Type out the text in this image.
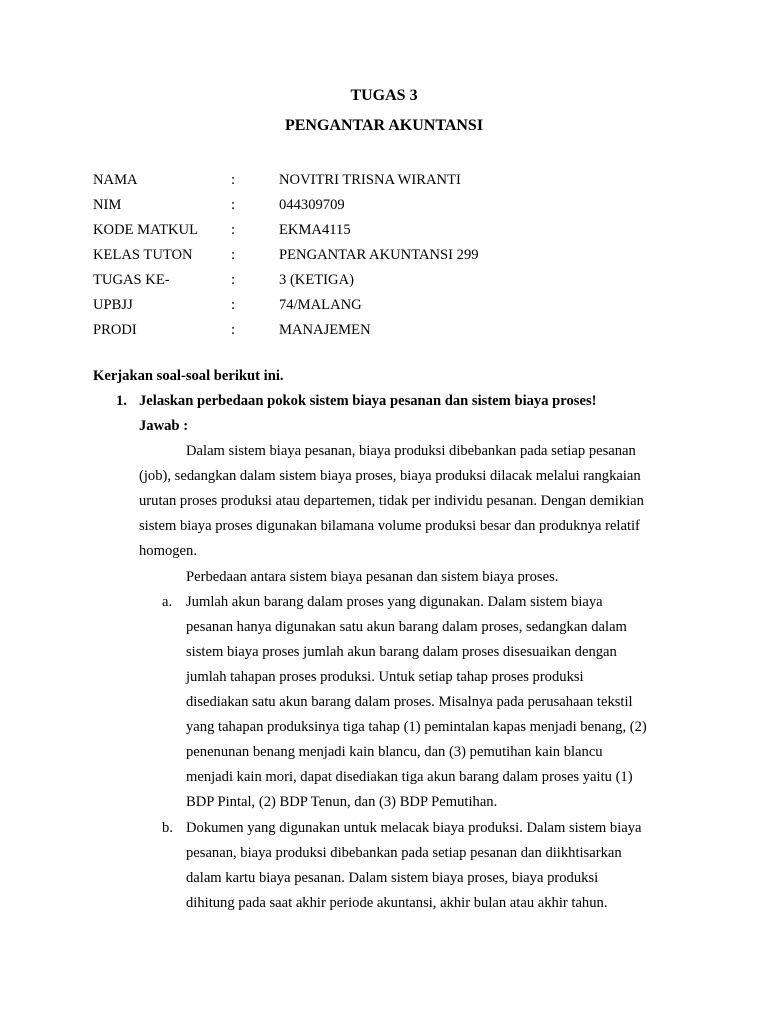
TUGAS 3
PENGANTAR AKUNTANSI
NAMA	:	NOVITRI TRISNA WIRANTI
NIM	:	044309709
KODE MATKUL :	EKMA4115
KELAS TUTON	:	PENGANTAR AKUNTANSI 299
TUGAS KE-	:	3 (KETIGA)
UPBJJ	:	74/MALANG
PRODI	:	MANAJEMEN
Kerjakan soal-soal berikut ini.
1. Jelaskan perbedaan pokok sistem biaya pesanan dan sistem biaya proses!
Jawab :
Dalam sistem biaya pesanan, biaya produksi dibebankan pada setiap pesanan
(job), sedangkan dalam sistem biaya proses, biaya produksi dilacak melalui rangkaian
urutan proses produksi atau departemen, tidak per individu pesanan. Dengan demikian
sistem biaya proses digunakan bilamana volume produksi besar dan produknya relatif
homogen.
Perbedaan antara sistem biaya pesanan dan sistem biaya proses.
a. Jumlah akun barang dalam proses yang digunakan. Dalam sistem biaya
pesanan hanya digunakan satu akun barang dalam proses, sedangkan dalam
sistem biaya proses jumlah akun barang dalam proses disesuaikan dengan
jumlah tahapan proses produksi. Untuk setiap tahap proses produksi
disediakan satu akun barang dalam proses. Misalnya pada perusahaan tekstil
yang tahapan produksinya tiga tahap (1) pemintalan kapas menjadi benang, (2)
penenunan benang menjadi kain blancu, dan (3) pemutihan kain blancu
menjadi kain mori, dapat disediakan tiga akun barang dalam proses yaitu (1)
BDP Pintal, (2) BDP Tenun, dan (3) BDP Pemutihan.
b. Dokumen yang digunakan untuk melacak biaya produksi. Dalam sistem biaya
pesanan, biaya produksi dibebankan pada setiap pesanan dan diikhtisarkan
dalam kartu biaya pesanan. Dalam sistem biaya proses, biaya produksi
dihitung pada saat akhir periode akuntansi, akhir bulan atau akhir tahun.
